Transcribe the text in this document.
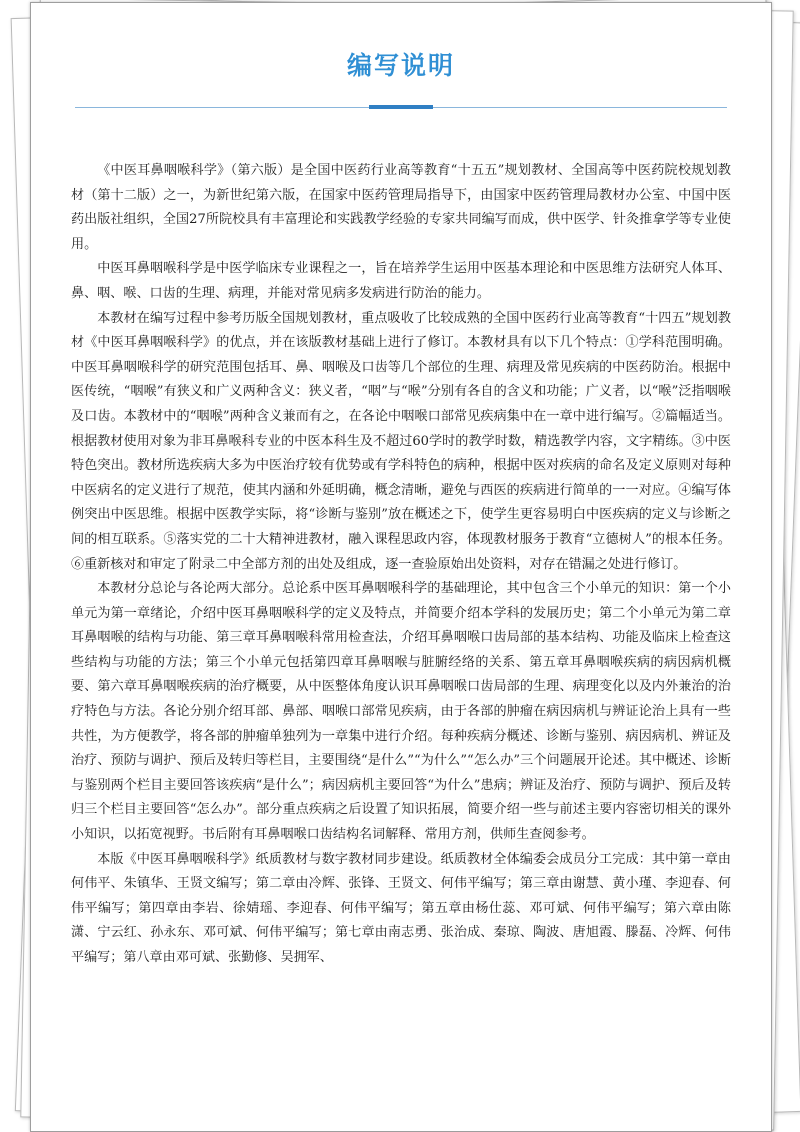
编写说明

《中医耳鼻咽喉科学》（第六版）是全国中医药行业高等教育“十五五”规划教材、全国高等中医药院校规划教材（第十二版）之一，为新世纪第六版，在国家中医药管理局指导下，由国家中医药管理局教材办公室、中国中医药出版社组织，全国27所院校具有丰富理论和实践教学经验的专家共同编写而成，供中医学、针灸推拿学等专业使用。

中医耳鼻咽喉科学是中医学临床专业课程之一，旨在培养学生运用中医基本理论和中医思维方法研究人体耳、鼻、咽、喉、口齿的生理、病理，并能对常见病多发病进行防治的能力。

本教材在编写过程中参考历版全国规划教材，重点吸收了比较成熟的全国中医药行业高等教育“十四五”规划教材《中医耳鼻咽喉科学》的优点，并在该版教材基础上进行了修订。本教材具有以下几个特点：①学科范围明确。中医耳鼻咽喉科学的研究范围包括耳、鼻、咽喉及口齿等几个部位的生理、病理及常见疾病的中医药防治。根据中医传统，“咽喉”有狭义和广义两种含义：狭义者，“咽”与“喉”分别有各自的含义和功能；广义者，以“喉”泛指咽喉及口齿。本教材中的“咽喉”两种含义兼而有之，在各论中咽喉口部常见疾病集中在一章中进行编写。②篇幅适当。根据教材使用对象为非耳鼻喉科专业的中医本科生及不超过60学时的教学时数，精选教学内容，文字精练。③中医特色突出。教材所选疾病大多为中医治疗较有优势或有学科特色的病种，根据中医对疾病的命名及定义原则对每种中医病名的定义进行了规范，使其内涵和外延明确，概念清晰，避免与西医的疾病进行简单的一一对应。④编写体例突出中医思维。根据中医教学实际，将“诊断与鉴别”放在概述之下，使学生更容易明白中医疾病的定义与诊断之间的相互联系。⑤落实党的二十大精神进教材，融入课程思政内容，体现教材服务于教育“立德树人”的根本任务。⑥重新核对和审定了附录二中全部方剂的出处及组成，逐一查验原始出处资料，对存在错漏之处进行修订。

本教材分总论与各论两大部分。总论系中医耳鼻咽喉科学的基础理论，其中包含三个小单元的知识：第一个小单元为第一章绪论，介绍中医耳鼻咽喉科学的定义及特点，并简要介绍本学科的发展历史；第二个小单元为第二章耳鼻咽喉的结构与功能、第三章耳鼻咽喉科常用检查法，介绍耳鼻咽喉口齿局部的基本结构、功能及临床上检查这些结构与功能的方法；第三个小单元包括第四章耳鼻咽喉与脏腑经络的关系、第五章耳鼻咽喉疾病的病因病机概要、第六章耳鼻咽喉疾病的治疗概要，从中医整体角度认识耳鼻咽喉口齿局部的生理、病理变化以及内外兼治的治疗特色与方法。各论分别介绍耳部、鼻部、咽喉口部常见疾病，由于各部的肿瘤在病因病机与辨证论治上具有一些共性，为方便教学，将各部的肿瘤单独列为一章集中进行介绍。每种疾病分概述、诊断与鉴别、病因病机、辨证及治疗、预防与调护、预后及转归等栏目，主要围绕“是什么”“为什么”“怎么办”三个问题展开论述。其中概述、诊断与鉴别两个栏目主要回答该疾病“是什么”；病因病机主要回答“为什么”患病；辨证及治疗、预防与调护、预后及转归三个栏目主要回答“怎么办”。部分重点疾病之后设置了知识拓展，简要介绍一些与前述主要内容密切相关的课外小知识，以拓宽视野。书后附有耳鼻咽喉口齿结构名词解释、常用方剂，供师生查阅参考。

本版《中医耳鼻咽喉科学》纸质教材与数字教材同步建设。纸质教材全体编委会成员分工完成：其中第一章由何伟平、朱镇华、王贤文编写；第二章由冷辉、张锋、王贤文、何伟平编写；第三章由谢慧、黄小瑾、李迎春、何伟平编写；第四章由李岩、徐婧瑶、李迎春、何伟平编写；第五章由杨仕蕊、邓可斌、何伟平编写；第六章由陈潇、宁云红、孙永东、邓可斌、何伟平编写；第七章由南志勇、张治成、秦琼、陶波、唐旭霞、滕磊、冷辉、何伟平编写；第八章由邓可斌、张勤修、吴拥军、
